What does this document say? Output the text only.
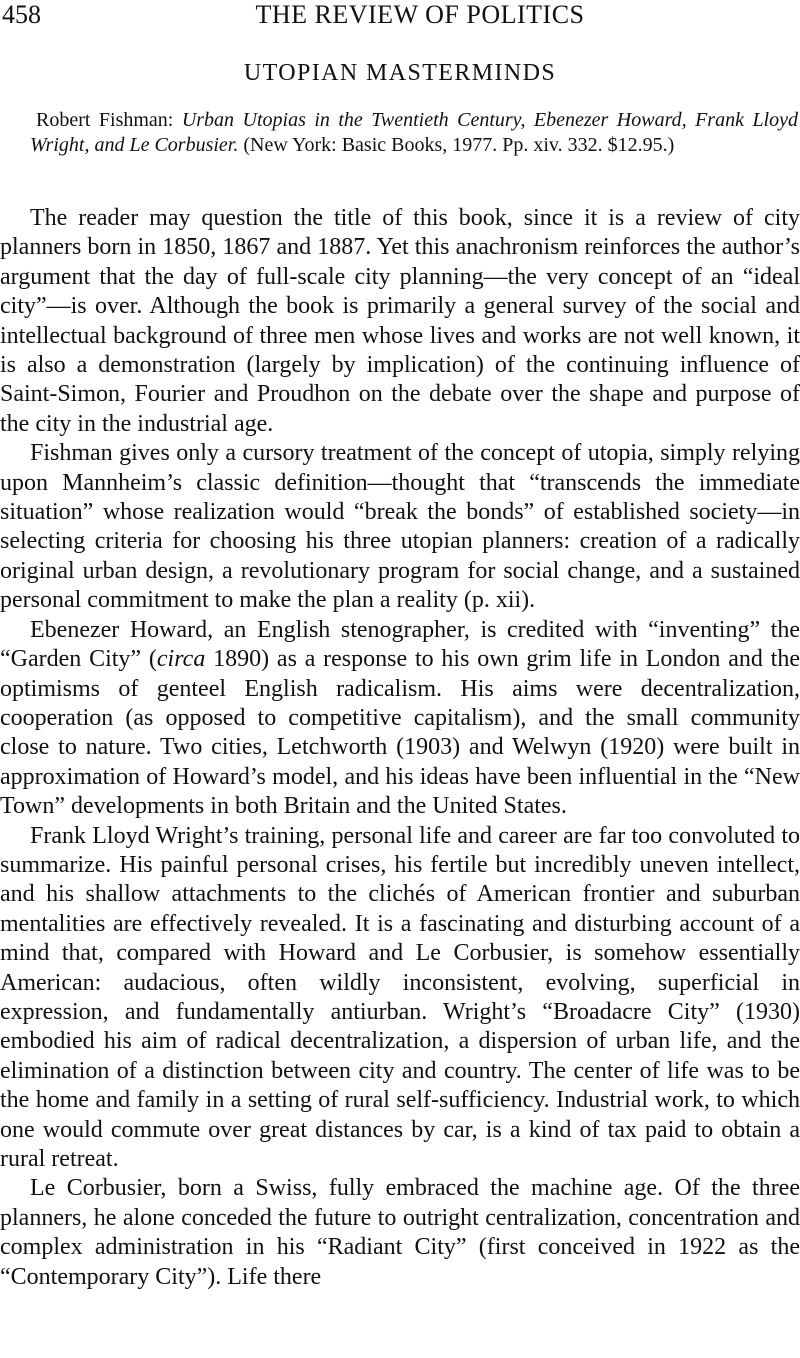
458	THE REVIEW OF POLITICS
UTOPIAN MASTERMINDS
Robert Fishman: Urban Utopias in the Twentieth Century, Ebenezer Howard, Frank Lloyd Wright, and Le Corbusier. (New York: Basic Books, 1977. Pp. xiv. 332. $12.95.)

The reader may question the title of this book, since it is a review of city planners born in 1850, 1867 and 1887. Yet this anachronism reinforces the author’s argument that the day of full-scale city planning—the very concept of an “ideal city”—is over. Although the book is primarily a general survey of the social and intellectual background of three men whose lives and works are not well known, it is also a demonstration (largely by implication) of the continuing influence of Saint-Simon, Fourier and Proudhon on the debate over the shape and purpose of the city in the industrial age.

Fishman gives only a cursory treatment of the concept of utopia, simply relying upon Mannheim’s classic definition—thought that “transcends the immediate situation” whose realization would “break the bonds” of established society—in selecting criteria for choosing his three utopian planners: creation of a radically original urban design, a revolutionary program for social change, and a sustained personal commitment to make the plan a reality (p. xii).

Ebenezer Howard, an English stenographer, is credited with “inventing” the “Garden City” (circa 1890) as a response to his own grim life in London and the optimisms of genteel English radicalism. His aims were decentralization, cooperation (as opposed to competitive capitalism), and the small community close to nature. Two cities, Letchworth (1903) and Welwyn (1920) were built in approximation of Howard’s model, and his ideas have been influential in the “New Town” developments in both Britain and the United States.

Frank Lloyd Wright’s training, personal life and career are far too convoluted to summarize. His painful personal crises, his fertile but incredibly uneven intellect, and his shallow attachments to the clichés of American frontier and suburban mentalities are effectively revealed. It is a fascinating and disturbing account of a mind that, compared with Howard and Le Corbusier, is somehow essentially American: audacious, often wildly inconsistent, evolving, superficial in expression, and fundamentally antiurban. Wright’s “Broadacre City” (1930) embodied his aim of radical decentralization, a dispersion of urban life, and the elimination of a distinction between city and country. The center of life was to be the home and family in a setting of rural self-sufficiency. Industrial work, to which one would commute over great distances by car, is a kind of tax paid to obtain a rural retreat.

Le Corbusier, born a Swiss, fully embraced the machine age. Of the three planners, he alone conceded the future to outright centralization, concentration and complex administration in his “Radiant City” (first conceived in 1922 as the “Contemporary City”). Life there
